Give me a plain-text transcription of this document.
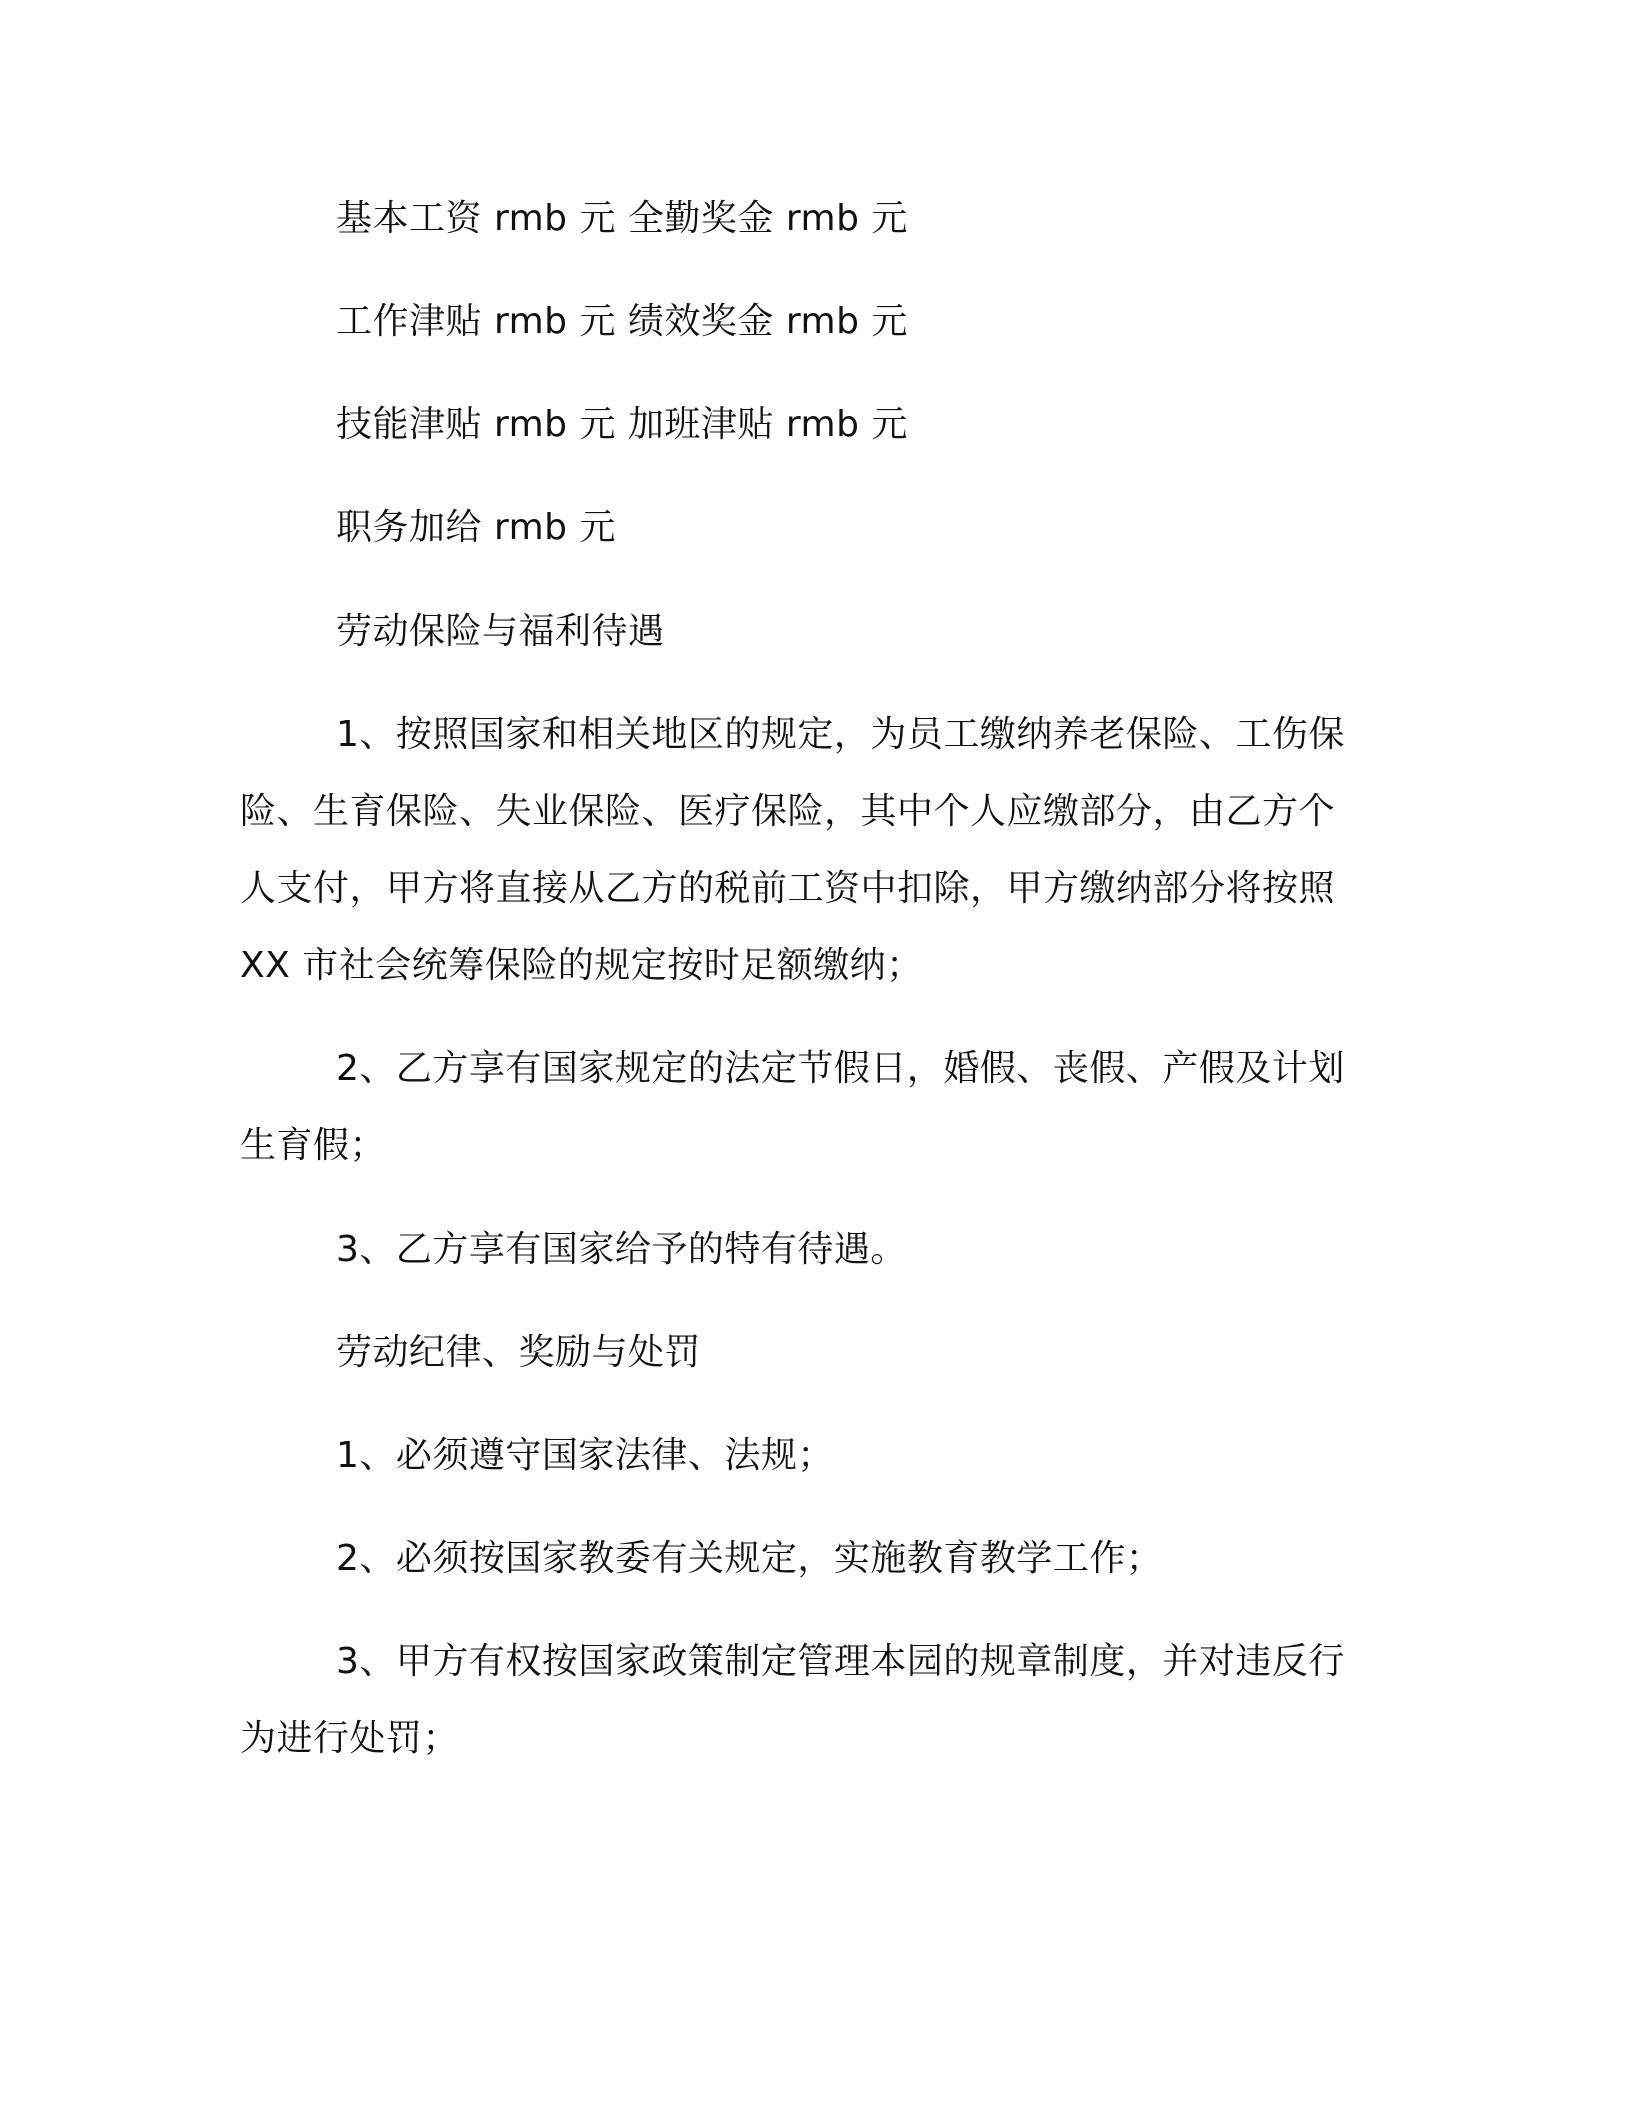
基本工资 rmb 元 全勤奖金 rmb 元

工作津贴 rmb 元 绩效奖金 rmb 元

技能津贴 rmb 元 加班津贴 rmb 元

职务加给 rmb 元

劳动保险与福利待遇

1、按照国家和相关地区的规定，为员工缴纳养老保险、工伤保

险、生育保险、失业保险、医疗保险，其中个人应缴部分，由乙方个

人支付，甲方将直接从乙方的税前工资中扣除，甲方缴纳部分将按照

XX 市社会统筹保险的规定按时足额缴纳；

2、乙方享有国家规定的法定节假日，婚假、丧假、产假及计划

生育假；

3、乙方享有国家给予的特有待遇。

劳动纪律、奖励与处罚

1、必须遵守国家法律、法规；

2、必须按国家教委有关规定，实施教育教学工作；

3、甲方有权按国家政策制定管理本园的规章制度，并对违反行

为进行处罚；
